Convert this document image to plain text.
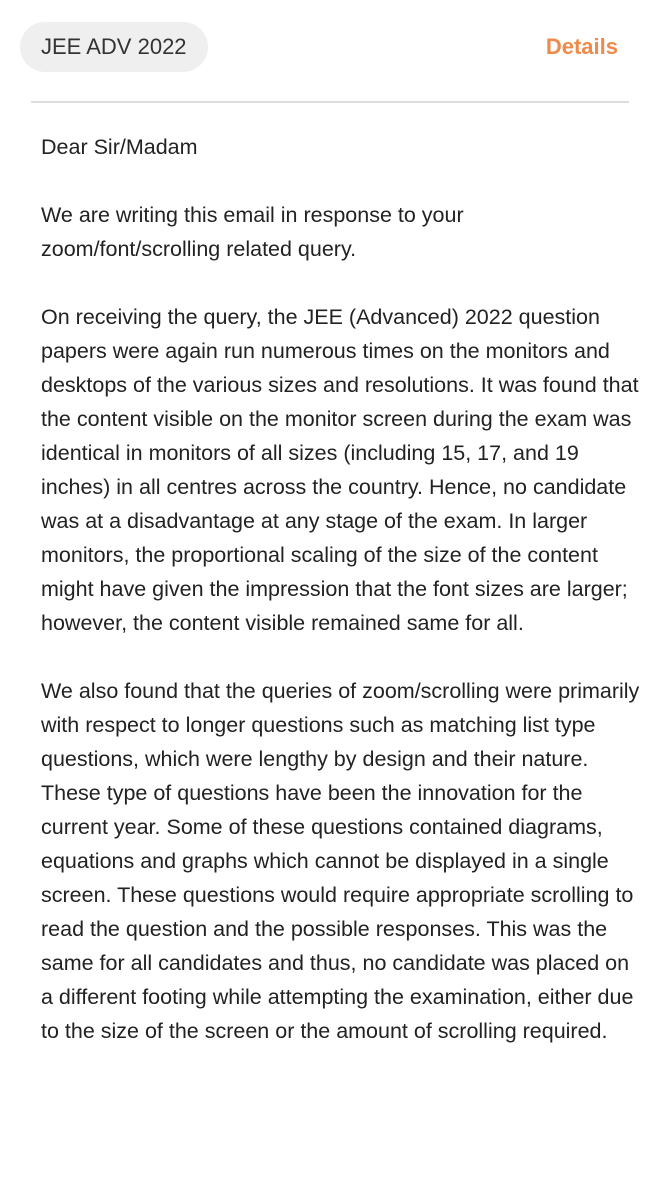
JEE ADV 2022	Details

Dear Sir/Madam

We are writing this email in response to your zoom/font/scrolling related query.

On receiving the query, the JEE (Advanced) 2022 question papers were again run numerous times on the monitors and desktops of the various sizes and resolutions. It was found that the content visible on the monitor screen during the exam was identical in monitors of all sizes (including 15, 17, and 19 inches) in all centres across the country. Hence, no candidate was at a disadvantage at any stage of the exam. In larger monitors, the proportional scaling of the size of the content might have given the impression that the font sizes are larger; however, the content visible remained same for all.

We also found that the queries of zoom/scrolling were primarily with respect to longer questions such as matching list type questions, which were lengthy by design and their nature. These type of questions have been the innovation for the current year. Some of these questions contained diagrams, equations and graphs which cannot be displayed in a single screen. These questions would require appropriate scrolling to read the question and the possible responses. This was the same for all candidates and thus, no candidate was placed on a different footing while attempting the examination, either due to the size of the screen or the amount of scrolling required.
